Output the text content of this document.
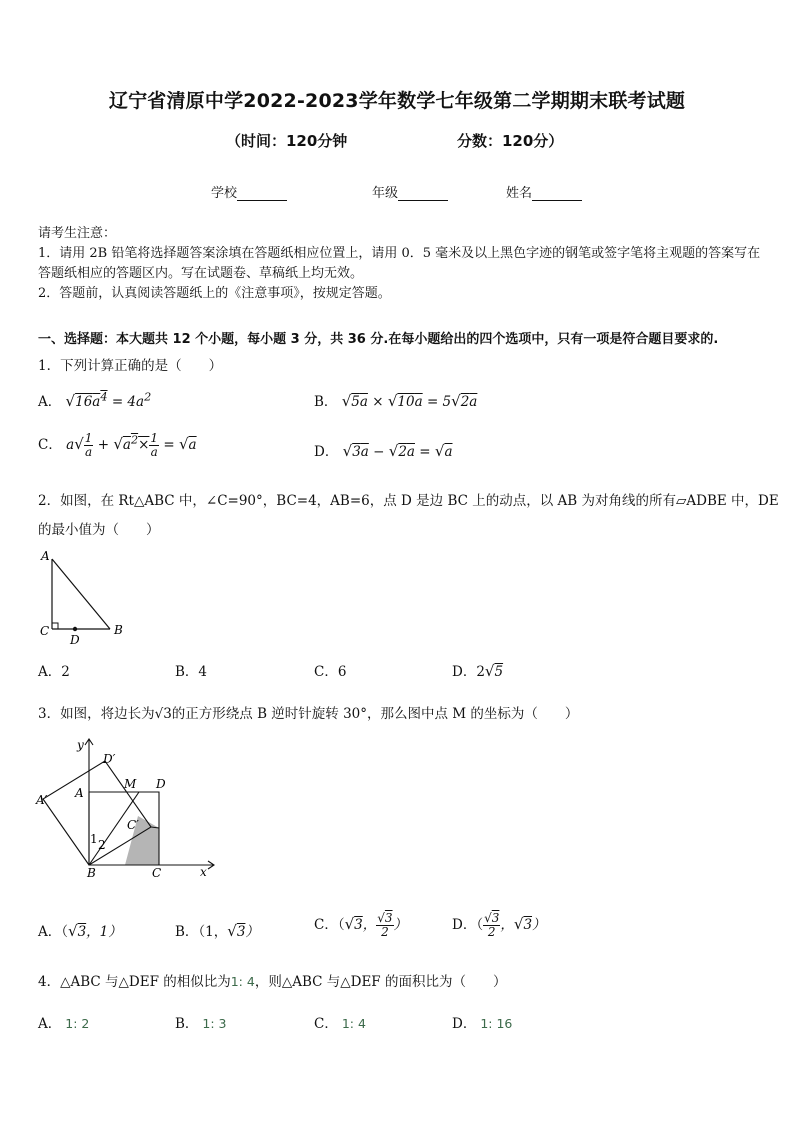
辽宁省清原中学2022-2023学年数学七年级第二学期期末联考试题
（时间：120分钟	分数：120分）
学校	年级	姓名

请考生注意：

1．请用 2B 铅笔将选择题答案涂填在答题纸相应位置上，请用 0．5 毫米及以上黑色字迹的钢笔或签字笔将主观题的答案写在答题纸相应的答题区内。写在试题卷、草稿纸上均无效。

2．答题前，认真阅读答题纸上的《注意事项》，按规定答题。

一、选择题：本大题共 12 个小题，每小题 3 分，共 36 分.在每小题给出的四个选项中，只有一项是符合题目要求的.
1．下列计算正确的是（　　）
A． $√16a^4 = 4a^2$	B． √5a × √10a = 5√2a
C． $a√ \frac{1}{a} + √a^2\times \frac{1}{a} = √a$	D． √3a − √2a = √a
2．如图，在 Rt△ABC 中，∠C=90°，BC=4，AB=6，点 D 是边 BC 上的动点，以 AB 为对角线的所有▱ADBE 中，DE
的最小值为（　　）
A
C
D
B
A．2	B．4	C．6	D．2√5
3．如图，将边长为√3的正方形绕点 B 逆时针旋转 30°，那么图中点 M 的坐标为（　　）
y
D′
M D
A′ A
C′
1 2
B	C	x
A．（√3，1）	B．（1，√3）	C．（√3， $\frac{√3}{2}$ ）	D．（ $\frac{√3}{2}$ ，√3）
4．△ABC 与△DEF 的相似比为1: 4，则△ABC 与△DEF 的面积比为（　　）
A． 1: 2	B． 1: 3	C． 1: 4	D． 1: 16
